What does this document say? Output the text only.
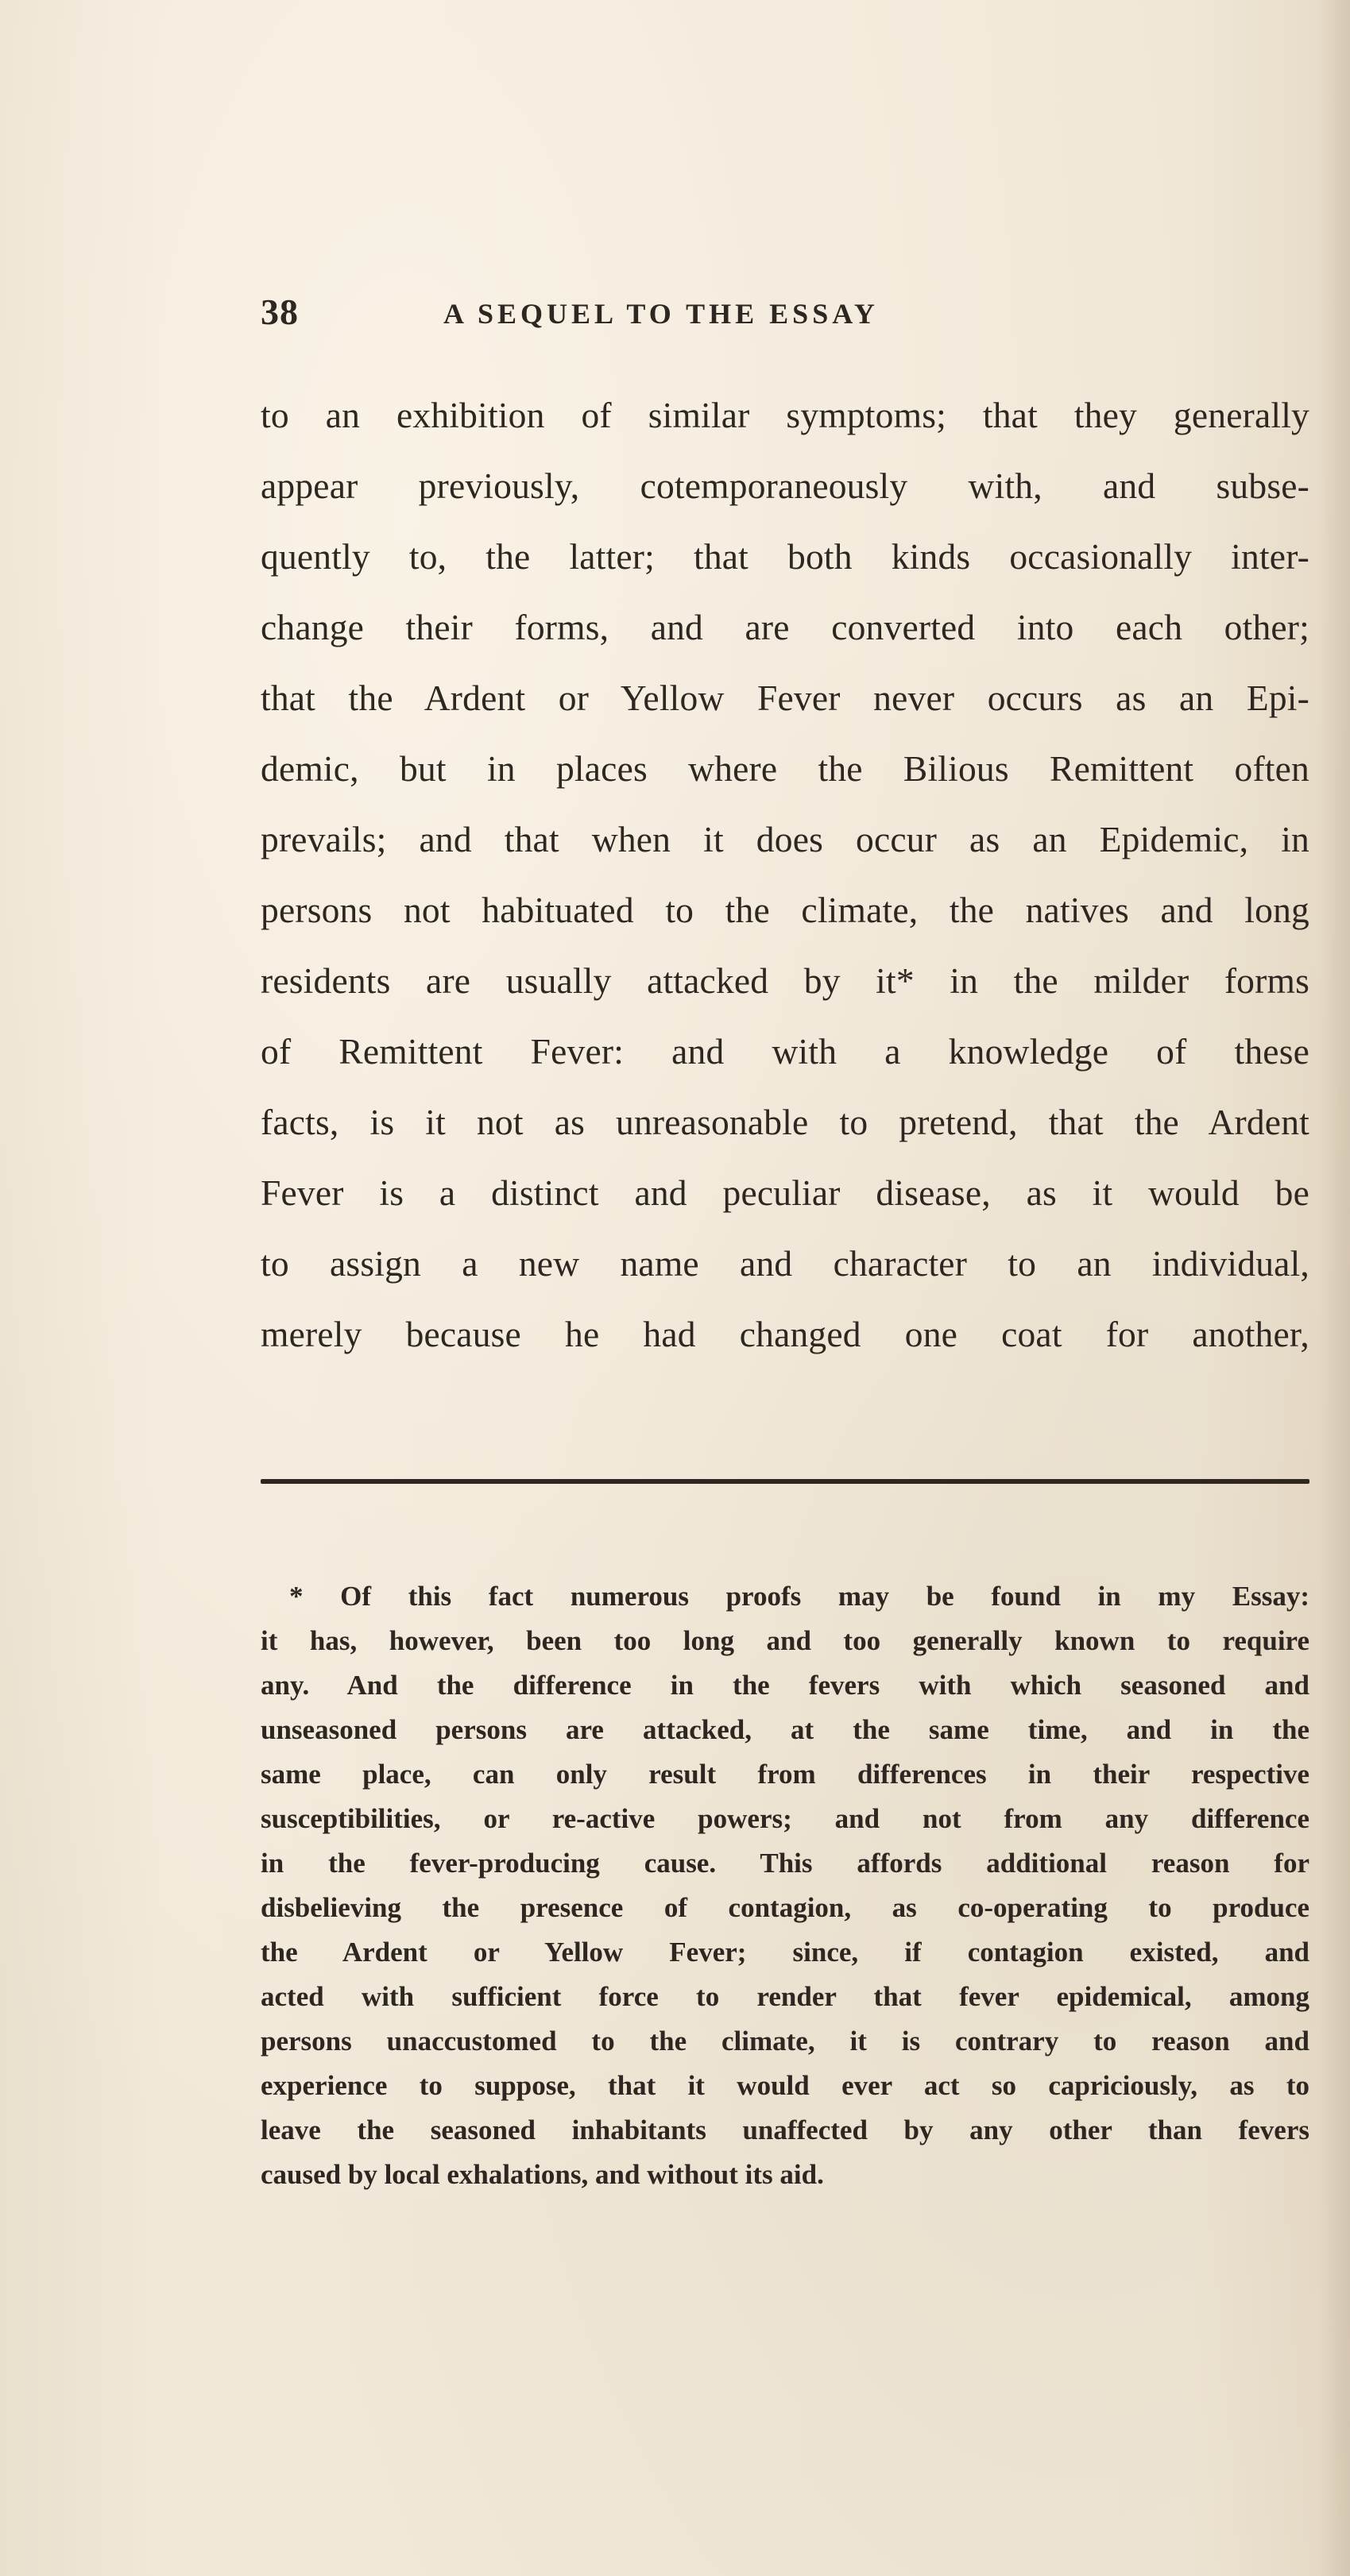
38	A SEQUEL TO THE ESSAY
to an exhibition of similar symptoms; that they generally
appear previously, cotemporaneously with, and subse-
quently to, the latter; that both kinds occasionally inter-
change their forms, and are converted into each other;
that the Ardent or Yellow Fever never occurs as an Epi-
demic, but in places where the Bilious Remittent often
prevails; and that when it does occur as an Epidemic, in
persons not habituated to the climate, the natives and long
residents are usually attacked by it* in the milder forms
of Remittent Fever: and with a knowledge of these
facts, is it not as unreasonable to pretend, that the Ardent
Fever is a distinct and peculiar disease, as it would be
to assign a new name and character to an individual,
merely because he had changed one coat for another,
* Of this fact numerous proofs may be found in my Essay:
it has, however, been too long and too generally known to require
any. And the difference in the fevers with which seasoned and
unseasoned persons are attacked, at the same time, and in the
same place, can only result from differences in their respective
susceptibilities, or re-active powers; and not from any difference
in the fever-producing cause. This affords additional reason for
disbelieving the presence of contagion, as co-operating to produce
the Ardent or Yellow Fever; since, if contagion existed, and
acted with sufficient force to render that fever epidemical, among
persons unaccustomed to the climate, it is contrary to reason and
experience to suppose, that it would ever act so capriciously, as to
leave the seasoned inhabitants unaffected by any other than fevers
caused by local exhalations, and without its aid.
